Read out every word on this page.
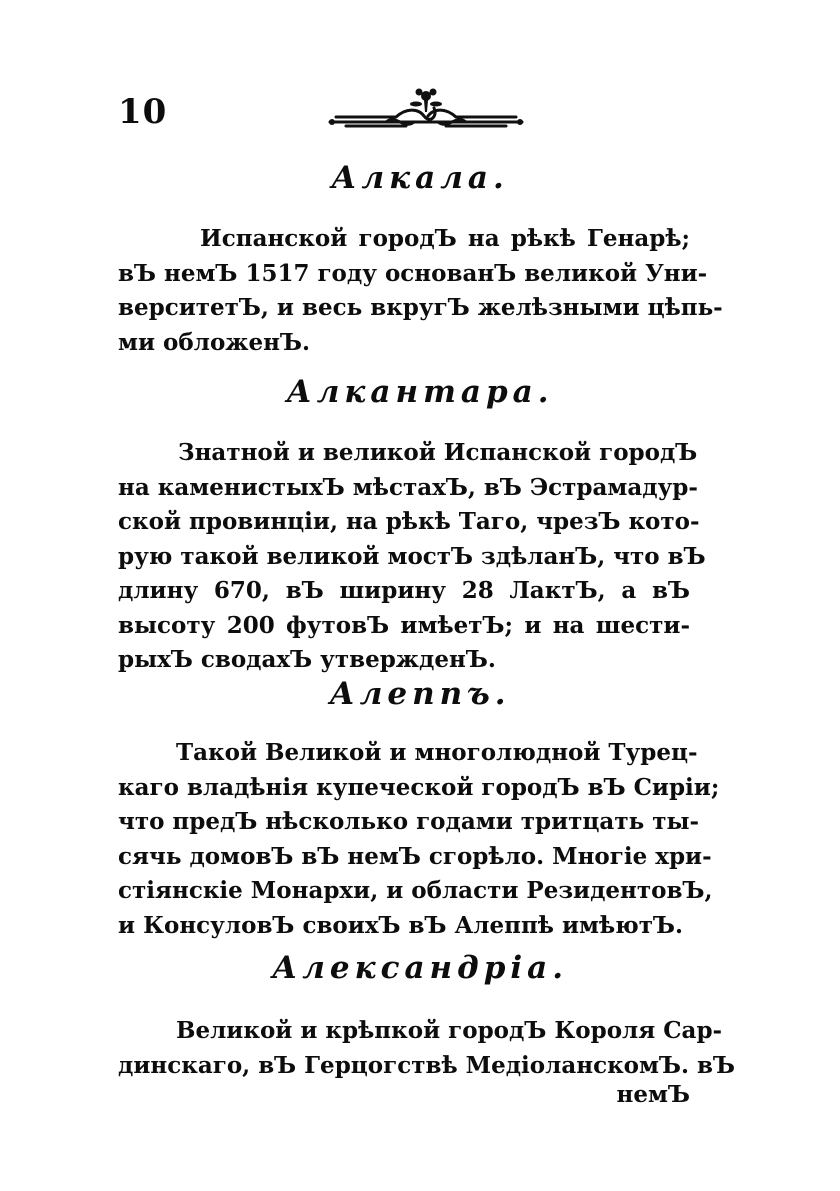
10
Алкала.
Испанской городЪ на рѣкѣ Генарѣ;
вЪ немЪ 1517 году основанЪ великой Уни-
верситетЪ, и весь вкругЪ желѣзными цѣпь-
ми обложенЪ.
Алкантара.
Знатной и великой Испанской городЪ
на каменистыхЪ мѣстахЪ, вЪ Эстрамадур-
ской провинціи, на рѣкѣ Таго, чрезЪ кото-
рую такой великой мостЪ здѣланЪ, что вЪ
длину 670, вЪ ширину 28 ЛактЪ, а вЪ
высоту 200 футовЪ имѣетЪ; и на шести-
рыхЪ сводахЪ утвержденЪ.
Алеппъ.
Такой Великой и многолюдной Турец-
каго владѣнія купеческой городЪ вЪ Сиріи;
что предЪ нѣсколько годами тритцать ты-
сячь домовЪ вЪ немЪ сгорѣло. Многіе хри-
стіянскіе Монархи, и области РезидентовЪ,
и КонсуловЪ своихЪ вЪ Алеппѣ имѣютЪ.
Александріа.
Великой и крѣпкой городЪ Короля Сар-
динскаго, вЪ Герцогствѣ МедіоланскомЪ. вЪ
немЪ
